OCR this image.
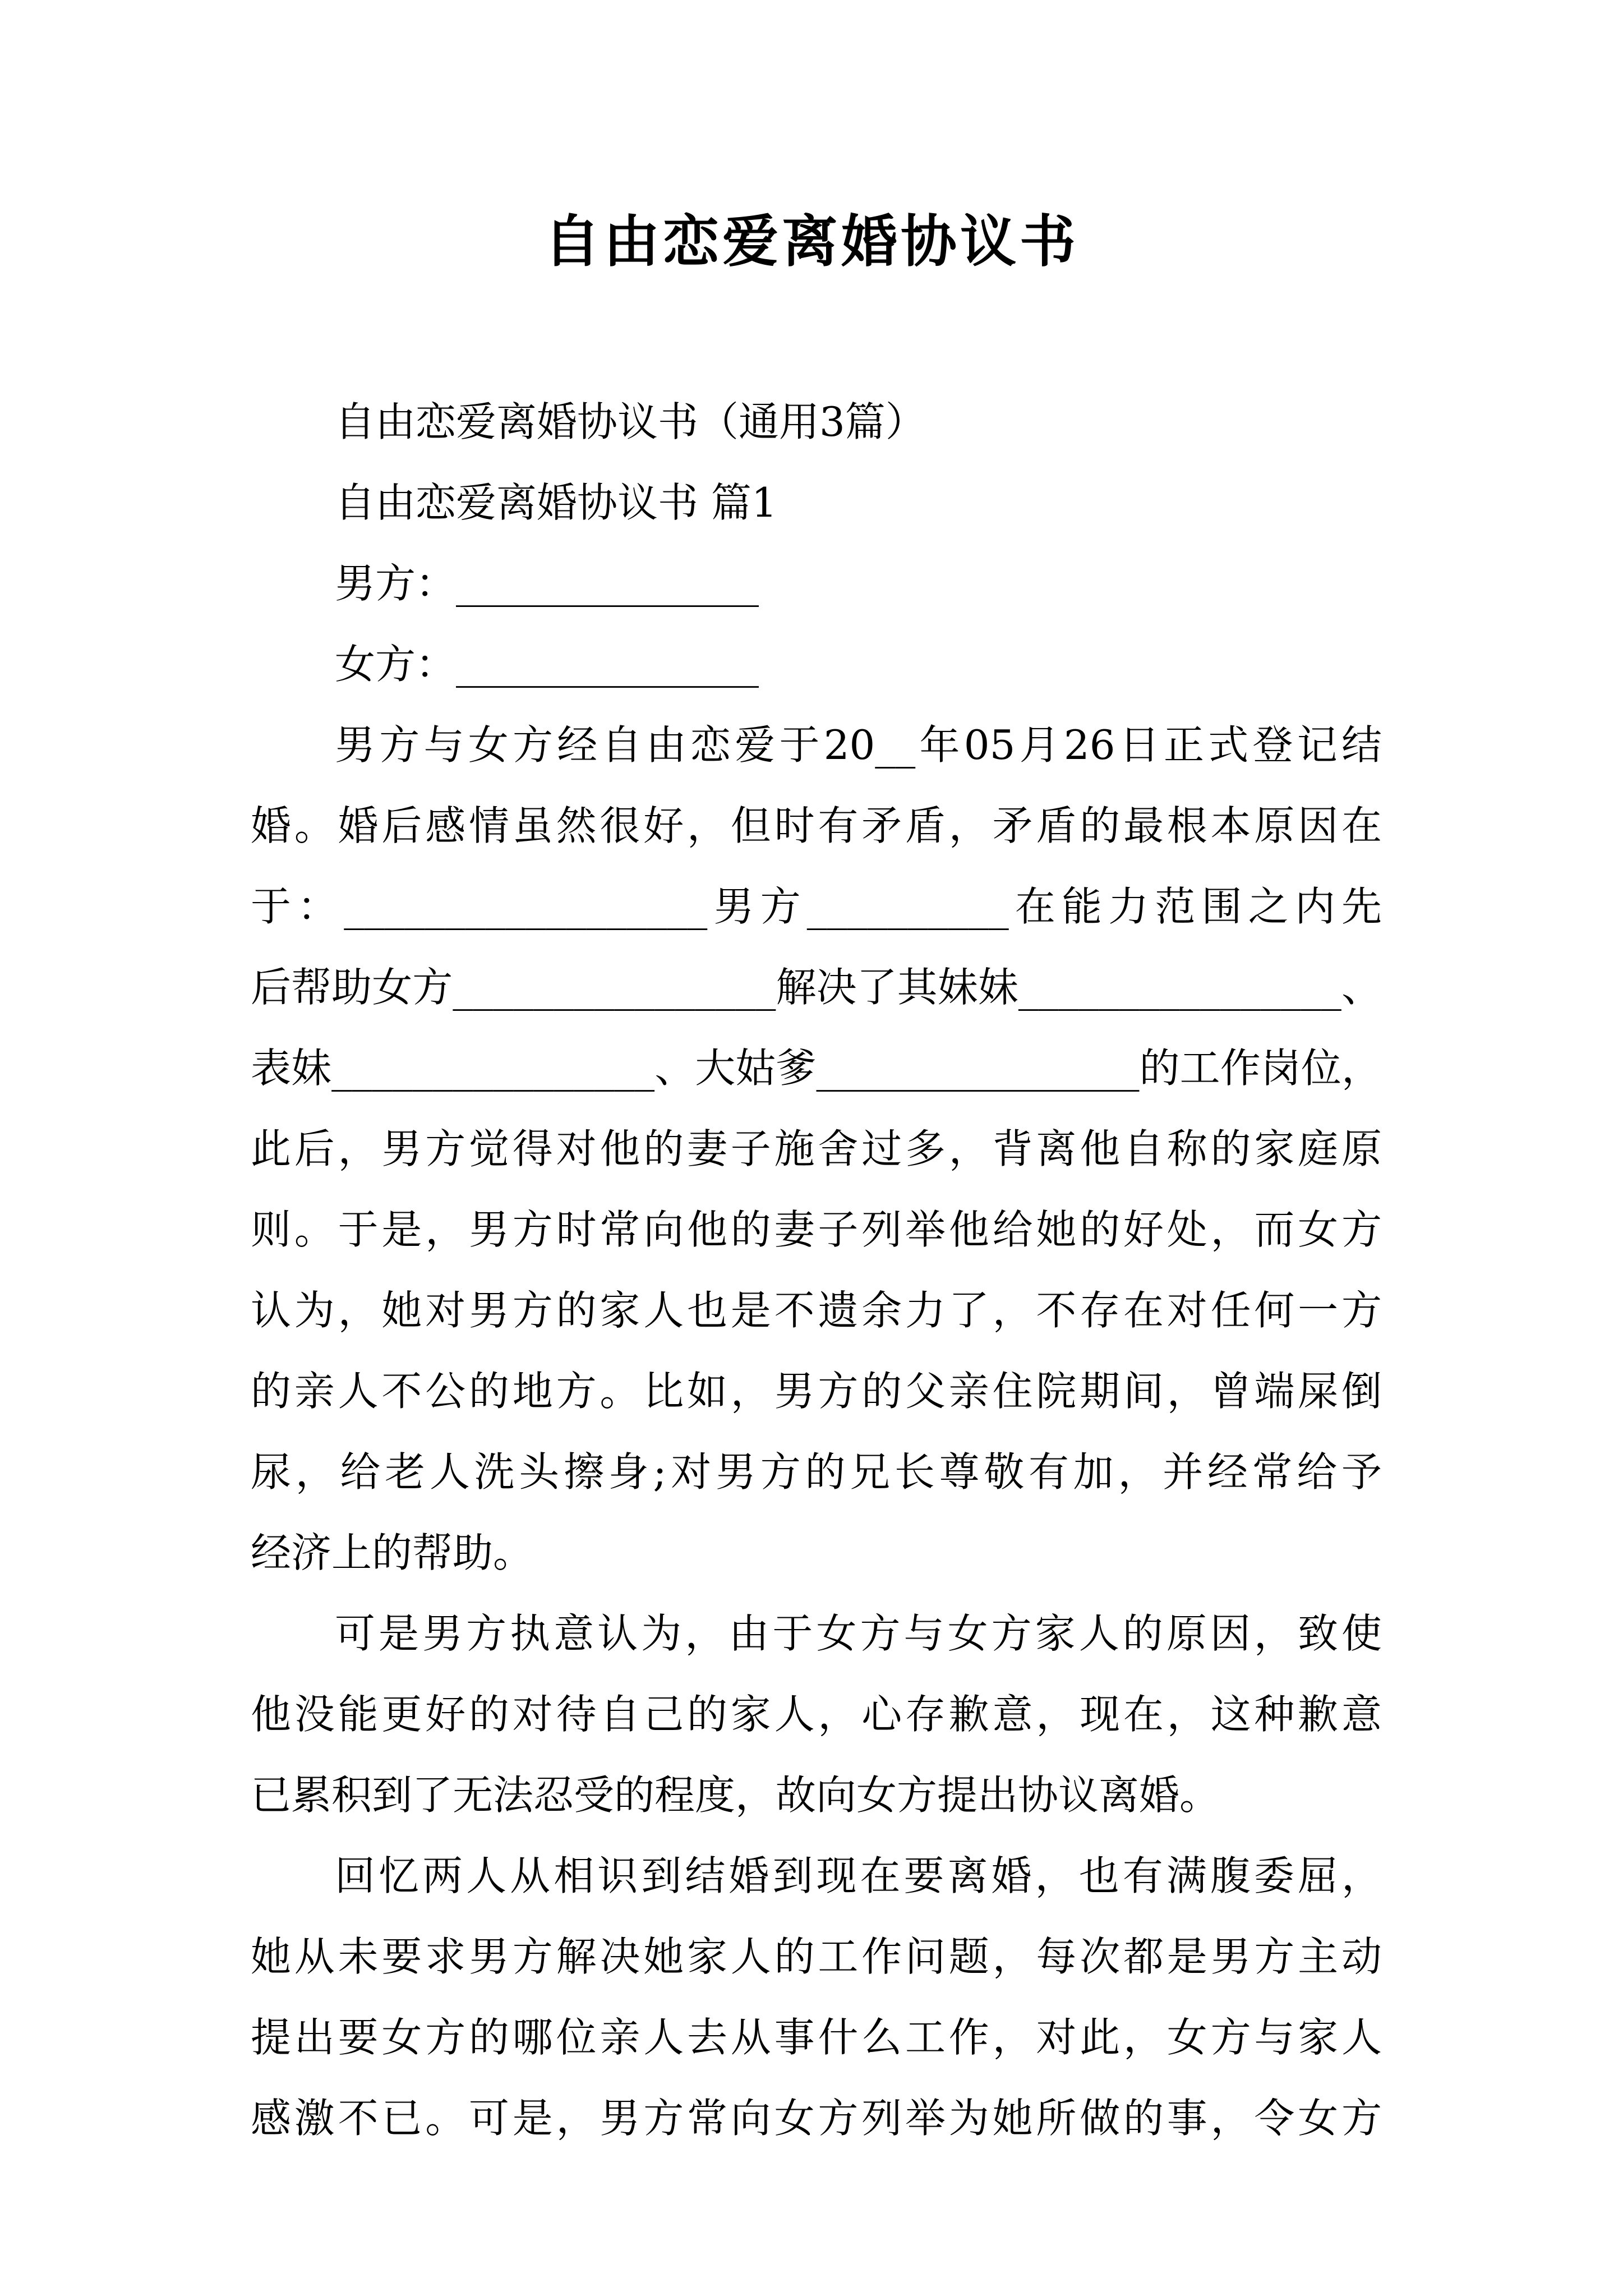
自由恋爱离婚协议书
自由恋爱离婚协议书（通用3篇）
自由恋爱离婚协议书 篇1
男方：_______________
女方：_______________
男方与女方经自由恋爱于20__年05月26日正式登记结
婚。婚后感情虽然很好，但时有矛盾，矛盾的最根本原因在
于：__________________男方__________在能力范围之内先
后帮助女方________________解决了其妹妹________________、
表妹________________、大姑爹________________的工作岗位，
此后，男方觉得对他的妻子施舍过多，背离他自称的家庭原
则。于是，男方时常向他的妻子列举他给她的好处，而女方
认为，她对男方的家人也是不遗余力了，不存在对任何一方
的亲人不公的地方。比如，男方的父亲住院期间，曾端屎倒
尿，给老人洗头擦身;对男方的兄长尊敬有加，并经常给予
经济上的帮助。
可是男方执意认为，由于女方与女方家人的原因，致使
他没能更好的对待自己的家人，心存歉意，现在，这种歉意
已累积到了无法忍受的程度，故向女方提出协议离婚。
回忆两人从相识到结婚到现在要离婚，也有满腹委屈，
她从未要求男方解决她家人的工作问题，每次都是男方主动
提出要女方的哪位亲人去从事什么工作，对此，女方与家人
感激不已。可是，男方常向女方列举为她所做的事，令女方
